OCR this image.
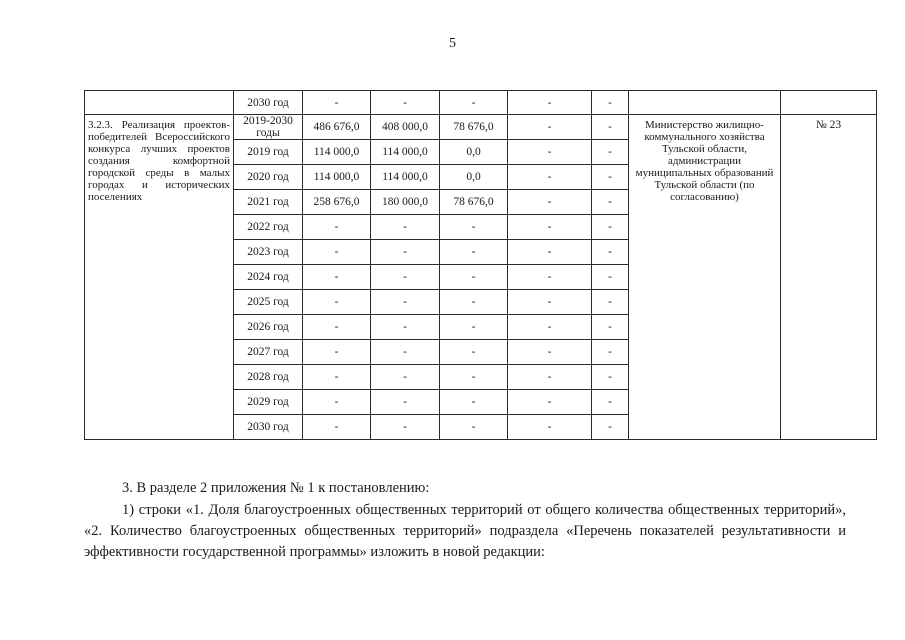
5
	2030 год	-	-	-	-	-		
3.2.3. Реализация проектов-победителей Всероссийского конкурса лучших проектов создания комфортной городской среды в малых городах и исторических поселениях	2019-2030 годы	486 676,0	408 000,0	78 676,0	-	-	Министерство жилищно-коммунального хозяйства Тульской области, администрации муниципальных образований Тульской области (по согласованию)	№ 23
	2019 год	114 000,0	114 000,0	0,0	-	-		
	2020 год	114 000,0	114 000,0	0,0	-	-		
	2021 год	258 676,0	180 000,0	78 676,0	-	-		
	2022 год	-	-	-	-	-		
	2023 год	-	-	-	-	-		
	2024 год	-	-	-	-	-		
	2025 год	-	-	-	-	-		
	2026 год	-	-	-	-	-		
	2027 год	-	-	-	-	-		
	2028 год	-	-	-	-	-		
	2029 год	-	-	-	-	-		
	2030 год	-	-	-	-	-		
3. В разделе 2 приложения № 1 к постановлению:
1) строки «1. Доля благоустроенных общественных территорий от общего количества общественных территорий», «2. Количество благоустроенных общественных территорий» подраздела «Перечень показателей результативности и эффективности государственной программы» изложить в новой редакции:
